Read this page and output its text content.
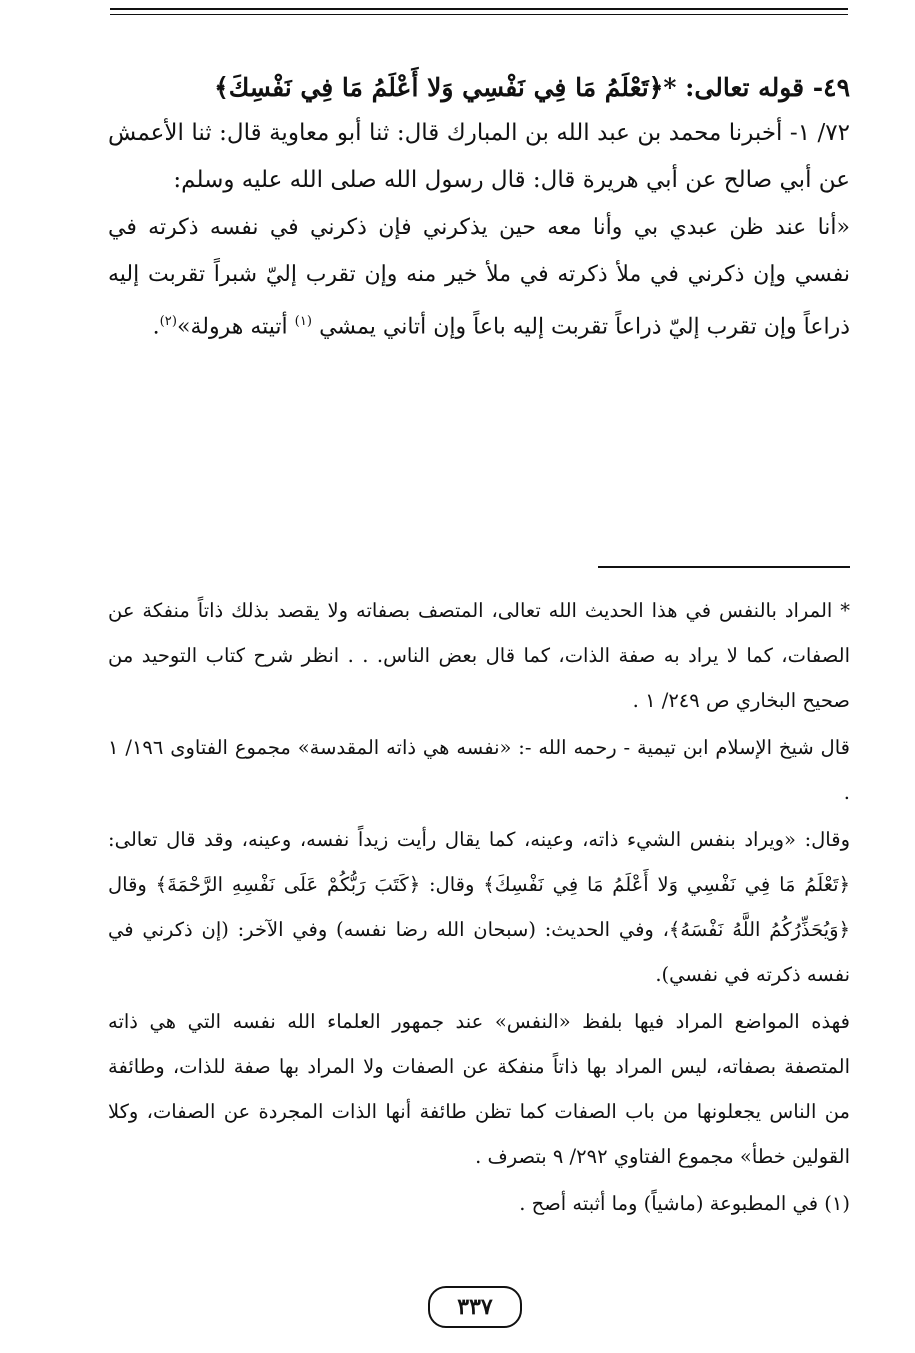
٤٩- قوله تعالى: *﴿تَعْلَمُ مَا فِي نَفْسِي وَلا أَعْلَمُ مَا فِي نَفْسِكَ﴾

٧٢/ ١- أخبرنا محمد بن عبد الله بن المبارك قال: ثنا أبو معاوية قال: ثنا الأعمش عن أبي صالح عن أبي هريرة قال: قال رسول الله صلى الله عليه وسلم:

«أنا عند ظن عبدي بي وأنا معه حين يذكرني فإن ذكرني في نفسه ذكرته في نفسي وإن ذكرني في ملأ ذكرته في ملأ خير منه وإن تقرب إليّ شبراً تقربت إليه ذراعاً وإن تقرب إليّ ذراعاً تقربت إليه باعاً وإن أتاني يمشي $^{(١)}$ أتيته هرولة»$^{(٢)}$.

* المراد بالنفس في هذا الحديث الله تعالى، المتصف بصفاته ولا يقصد بذلك ذاتاً منفكة عن الصفات، كما لا يراد به صفة الذات، كما قال بعض الناس. . . انظر شرح كتاب التوحيد من صحيح البخاري ص ٢٤٩/ ١ .

قال شيخ الإسلام ابن تيمية - رحمه الله -: «نفسه هي ذاته المقدسة» مجموع الفتاوى ١٩٦/ ١ .

وقال: «ويراد بنفس الشيء ذاته، وعينه، كما يقال رأيت زيداً نفسه، وعينه، وقد قال تعالى: ﴿تَعْلَمُ مَا فِي نَفْسِي وَلا أَعْلَمُ مَا فِي نَفْسِكَ﴾ وقال: ﴿كَتَبَ رَبُّكُمْ عَلَى نَفْسِهِ الرَّحْمَةَ﴾ وقال ﴿وَيُحَذِّرُكُمُ اللَّهُ نَفْسَهُ﴾، وفي الحديث: (سبحان الله رضا نفسه) وفي الآخر: (إن ذكرني في نفسه ذكرته في نفسي).

فهذه المواضع المراد فيها بلفظ «النفس» عند جمهور العلماء الله نفسه التي هي ذاته المتصفة بصفاته، ليس المراد بها ذاتاً منفكة عن الصفات ولا المراد بها صفة للذات، وطائفة من الناس يجعلونها من باب الصفات كما تظن طائفة أنها الذات المجردة عن الصفات، وكلا القولين خطأ» مجموع الفتاوي ٢٩٢/ ٩ بتصرف .

(١) في المطبوعة (ماشياً) وما أثبته أصح .

٣٣٧
